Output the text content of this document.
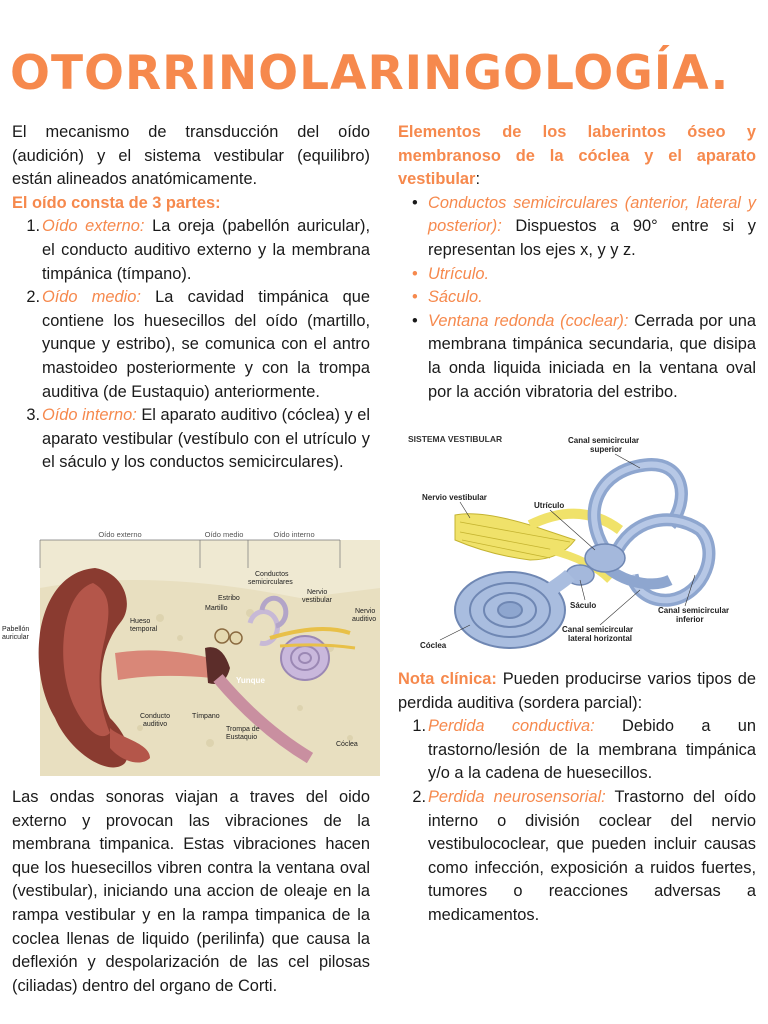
OTORRINOLARINGOLOGÍA.

El mecanismo de transducción del oído (audición) y el sistema vestibular (equilibro) están alineados anatómicamente.

El oído consta de 3 partes:

1. Oído externo: La oreja (pabellón auricular), el conducto auditivo externo y la membrana timpánica (tímpano).
2. Oído medio: La cavidad timpánica que contiene los huesecillos del oído (martillo, yunque y estribo), se comunica con el antro mastoideo posteriormente y con la trompa auditiva (de Eustaquio) anteriormente.
3. Oído interno: El aparato auditivo (cóclea) y el aparato vestibular (vestíbulo con el utrículo y el sáculo y los conductos semicirculares).
Oído externo	Oído medio	Oído interno
Pabellón
auricular
Hueso
temporal
Estribo
Martillo
Conductos
semicirculares
Nervio
vestibular
Nervio
auditivo
Conducto
auditivo
Tímpano
Trompa de
Eustaquio
Cóclea
Yunque
Las ondas sonoras viajan a traves del oido externo y provocan las vibraciones de la membrana timpanica. Estas vibraciones hacen que los huesecillos vibren contra la ventana oval (vestibular), iniciando una accion de oleaje en la rampa vestibular y en la rampa timpanica de la coclea llenas de liquido (perilinfa) que causa la deflexión y despolarización de las cel pilosas (ciliadas) dentro del organo de Corti.

Elementos de los laberintos óseo y membranoso de la cóclea y el aparato vestibular:

• Conductos semicirculares (anterior, lateral y posterior): Dispuestos a 90° entre si y representan los ejes x, y y z.
• Utrículo.
• Sáculo.
• Ventana redonda (coclear): Cerrada por una membrana timpánica secundaria, que disipa la onda liquida iniciada en la ventana oval por la acción vibratoria del estribo.
SISTEMA VESTIBULAR	Canal semicircular
superior
Nervio vestibular
Utrículo
Sáculo
Canal semicircular
inferior
Canal semicircular
lateral horizontal
Cóclea

Nota clínica: Pueden producirse varios tipos de perdida auditiva (sordera parcial):

1. Perdida conductiva: Debido a un trastorno/lesión de la membrana timpánica y/o a la cadena de huesecillos.
2. Perdida neurosensorial: Trastorno del oído interno o división coclear del nervio vestibulococlear, que pueden incluir causas como infección, exposición a ruidos fuertes, tumores o reacciones adversas a medicamentos.
